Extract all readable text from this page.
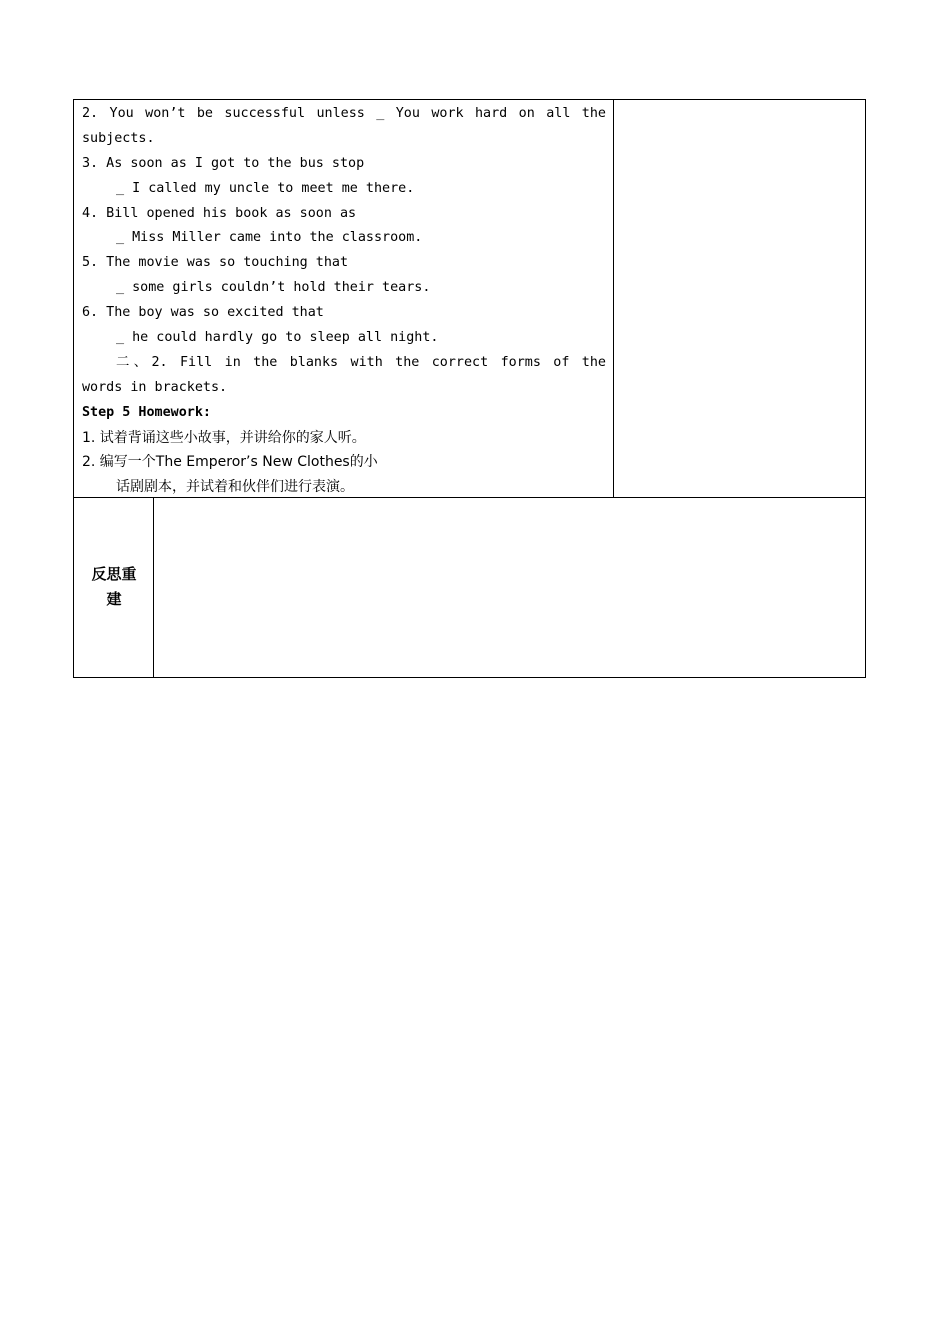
2. You won’t be successful unless _ You work hard on all the
subjects.
3. As soon as I got to the bus stop
_ I called my uncle to meet me there.
4. Bill opened his book as soon as
_ Miss Miller came into the classroom.
5. The movie was so touching that
_ some girls couldn’t hold their tears.
6. The boy was so excited that
_ he could hardly go to sleep all night.
二、2. Fill in the blanks with the correct forms of the
words in brackets.
Step 5 Homework:
1. 试着背诵这些小故事，并讲给你的家人听。
2. 编写一个The Emperor’s New Clothes的小
话剧剧本，并试着和伙伴们进行表演。
反思重建
